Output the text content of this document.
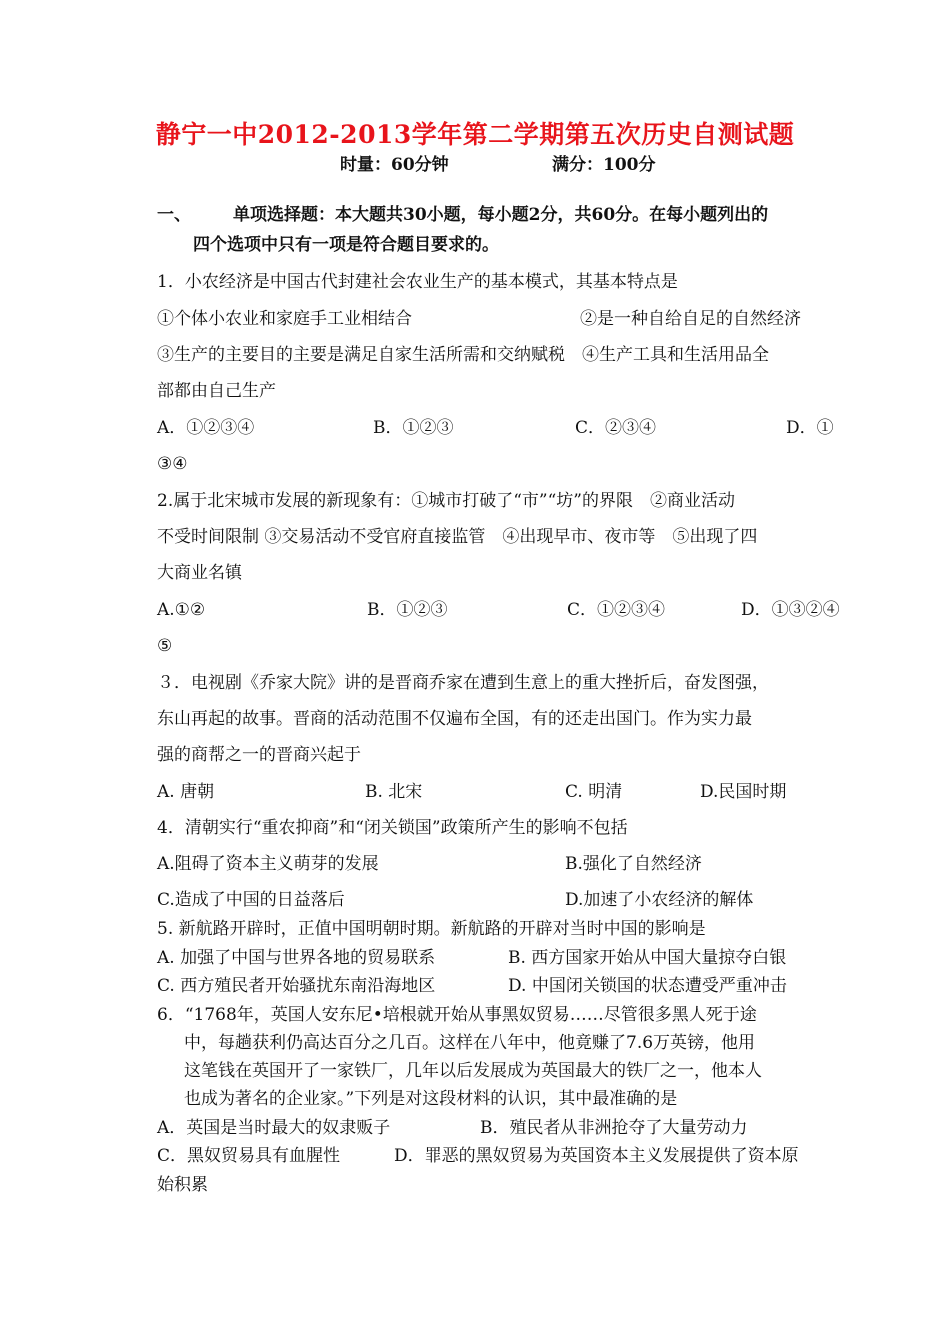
静宁一中2012-2013学年第二学期第五次历史自测试题
时量：60分钟	满分：100分
一、 单项选择题：本大题共30小题，每小题2分，共60分。在每小题列出的
四个选项中只有一项是符合题目要求的。
1．小农经济是中国古代封建社会农业生产的基本模式，其基本特点是
①个体小农业和家庭手工业相结合	②是一种自给自足的自然经济
③生产的主要目的主要是满足自家生活所需和交纳赋税　④生产工具和生活用品全
部都由自己生产
A．①②③④	B．①②③	C．②③④	D．①
③④
2.属于北宋城市发展的新现象有：①城市打破了“市”“坊”的界限　②商业活动
不受时间限制 ③交易活动不受官府直接监管　④出现早市、夜市等　⑤出现了四
大商业名镇
A.①②	B．①②③	C．①②③④	D．①③②④
⑤
３．电视剧《乔家大院》讲的是晋商乔家在遭到生意上的重大挫折后，奋发图强，
东山再起的故事。晋商的活动范围不仅遍布全国，有的还走出国门。作为实力最
强的商帮之一的晋商兴起于
A. 唐朝	B. 北宋	C. 明清	D.民国时期
4．清朝实行“重农抑商”和“闭关锁国”政策所产生的影响不包括
A.阻碍了资本主义萌芽的发展	B.强化了自然经济
C.造成了中国的日益落后	D.加速了小农经济的解体
5. 新航路开辟时，正值中国明朝时期。新航路的开辟对当时中国的影响是
A. 加强了中国与世界各地的贸易联系	B. 西方国家开始从中国大量掠夺白银
C. 西方殖民者开始骚扰东南沿海地区	D. 中国闭关锁国的状态遭受严重冲击
6．“1768年，英国人安东尼•培根就开始从事黑奴贸易……尽管很多黑人死于途
中，每趟获利仍高达百分之几百。这样在八年中，他竟赚了7.6万英镑，他用
这笔钱在英国开了一家铁厂，几年以后发展成为英国最大的铁厂之一，他本人
也成为著名的企业家。”下列是对这段材料的认识，其中最准确的是
A．英国是当时最大的奴隶贩子	B．殖民者从非洲抢夺了大量劳动力
C．黑奴贸易具有血腥性	D．罪恶的黑奴贸易为英国资本主义发展提供了资本原
始积累
